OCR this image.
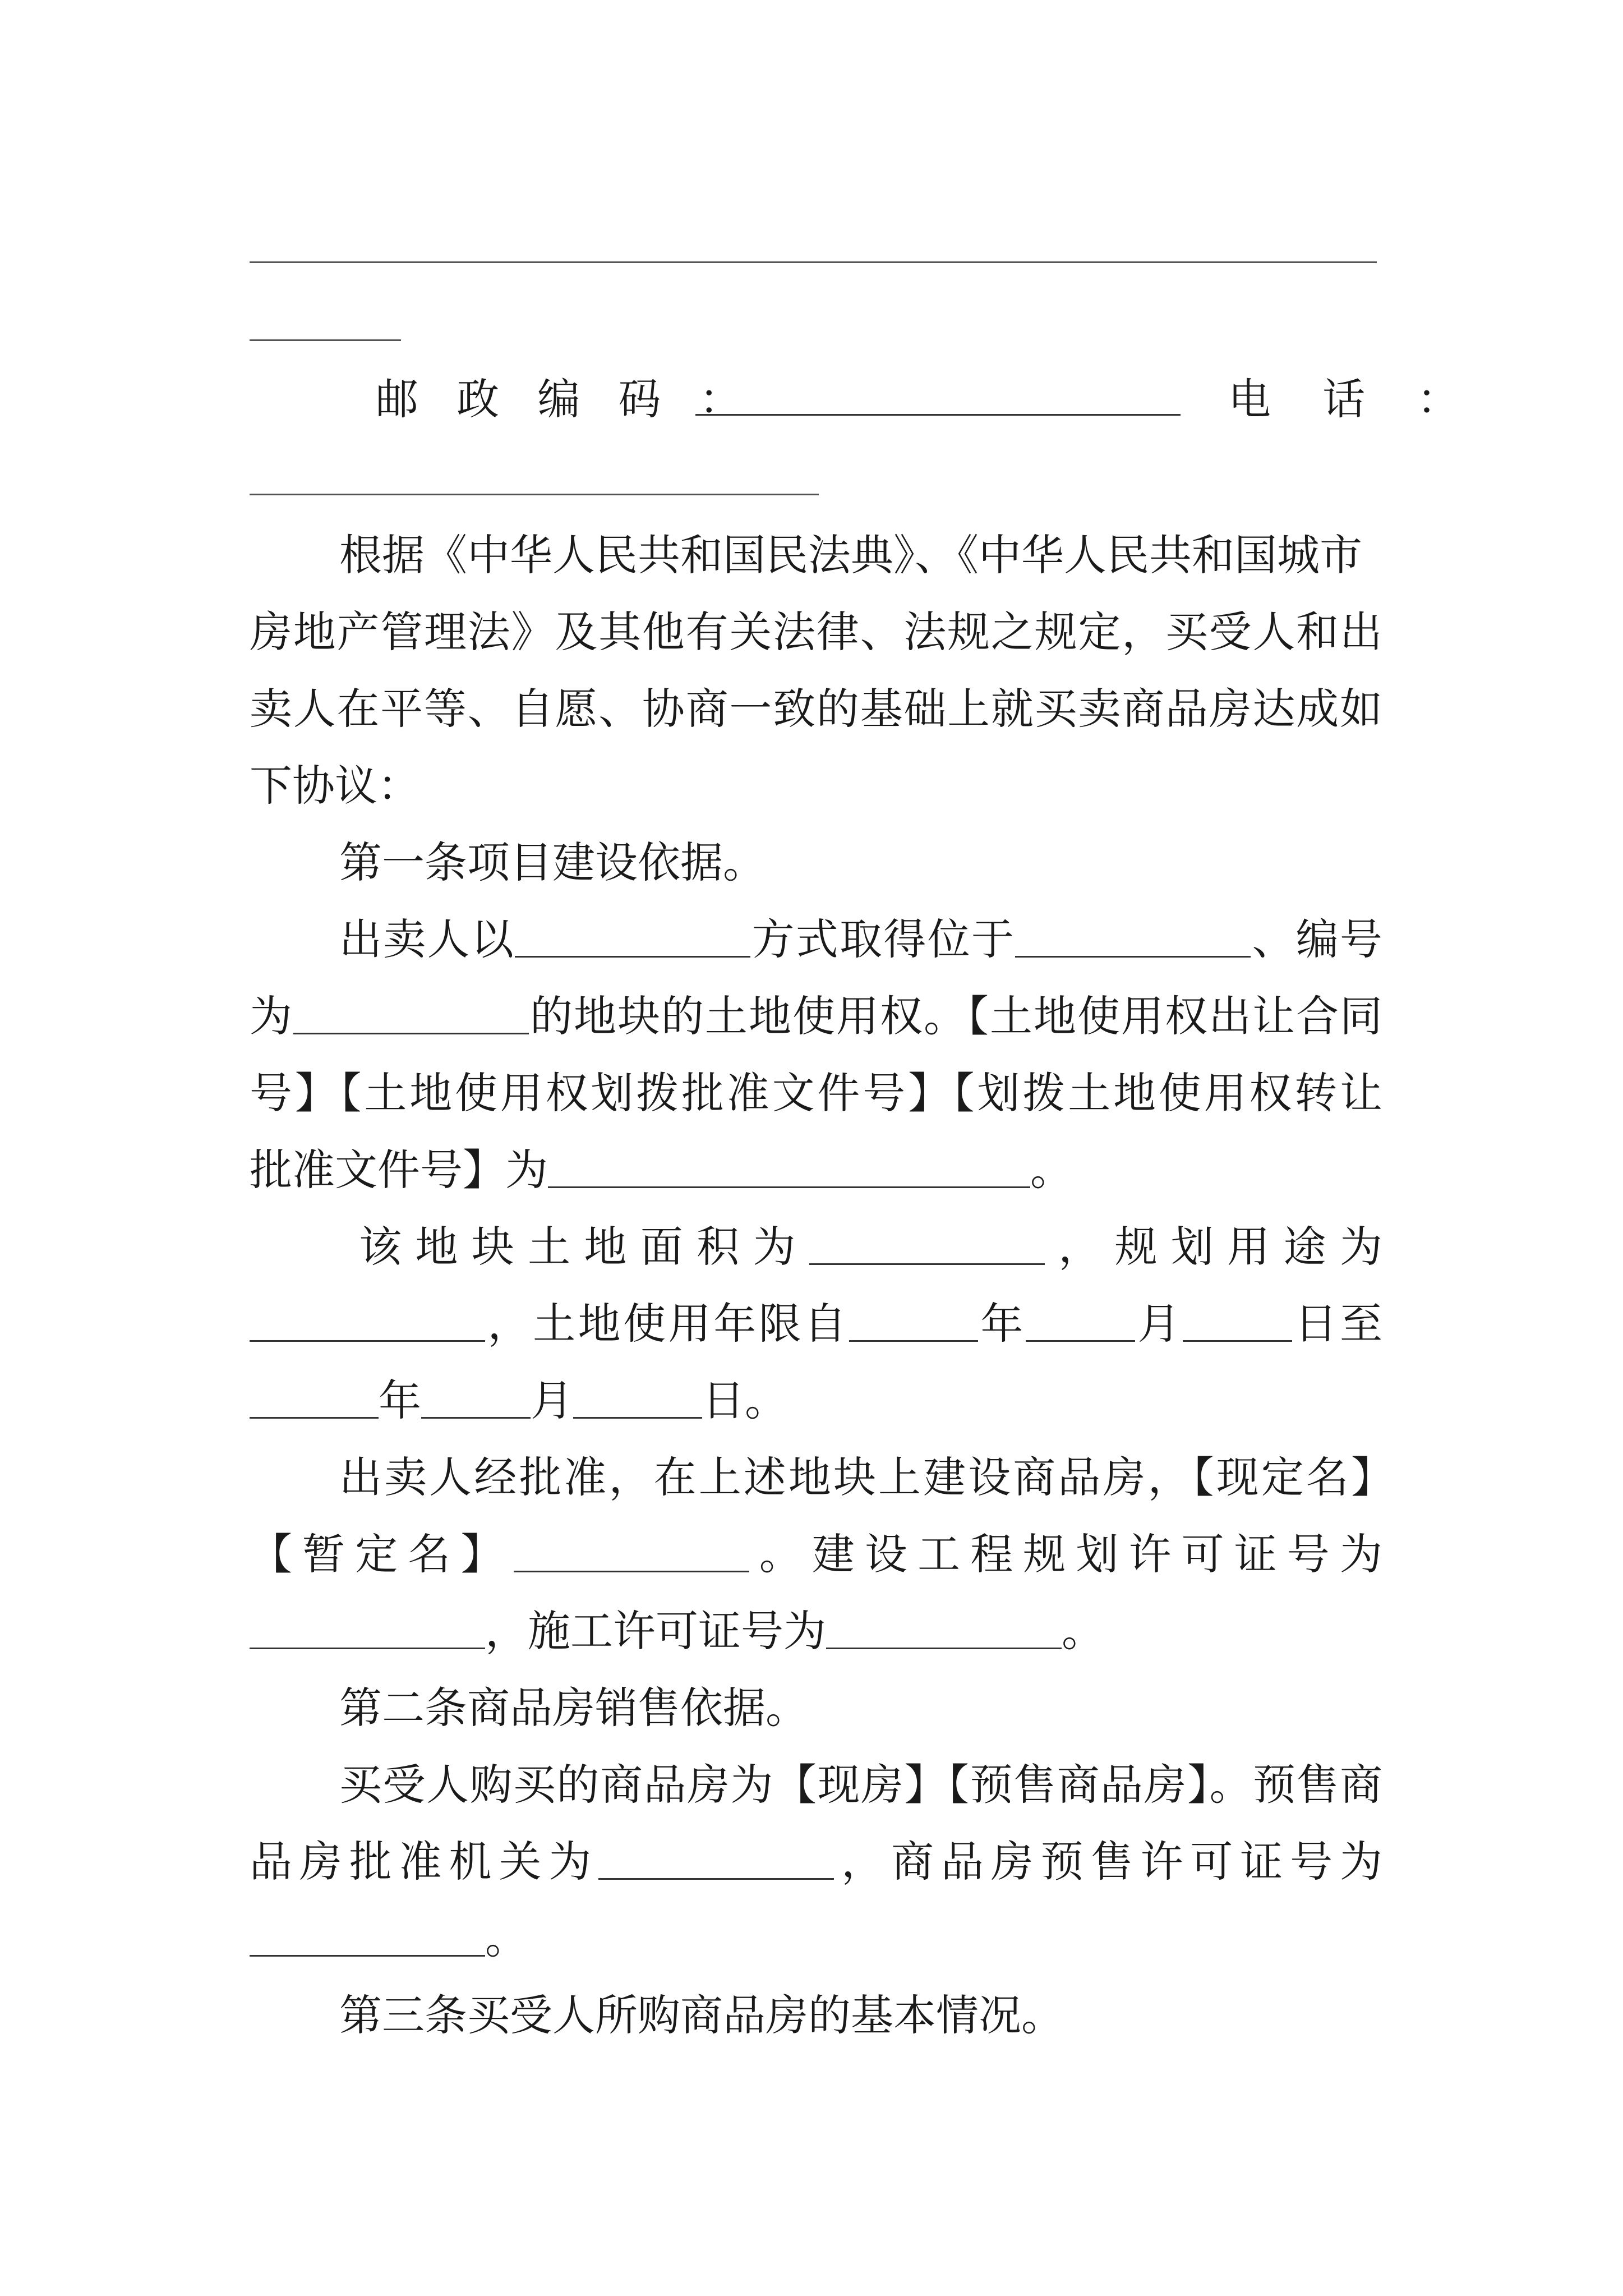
邮 政 编 码 ：	电 话 ：
根据《中华人民共和国民法典》、《中华人民共和国城市
房地产管理法》及其他有关法律、法规之规定，买受人和出
卖人在平等、自愿、协商一致的基础上就买卖商品房达成如
下协议：
第一条项目建设依据。
出卖人以	方式取得位于	、编号
为	的地块的土地使用权。【土地使用权出让合同
号】【土地使用权划拨批准文件号】【划拨土地使用权转让
批准文件号】为	。
该地块土地面积为	，规划用途为
，土地使用年限自	年	月	日至
年	月	日。
出卖人经批准，在上述地块上建设商品房，【现定名】
【暂定名】	。建设工程规划许可证号为
，施工许可证号为	。
第二条商品房销售依据。
买受人购买的商品房为【现房】【预售商品房】。预售商
品房批准机关为	，商品房预售许可证号为
。
第三条买受人所购商品房的基本情况。
